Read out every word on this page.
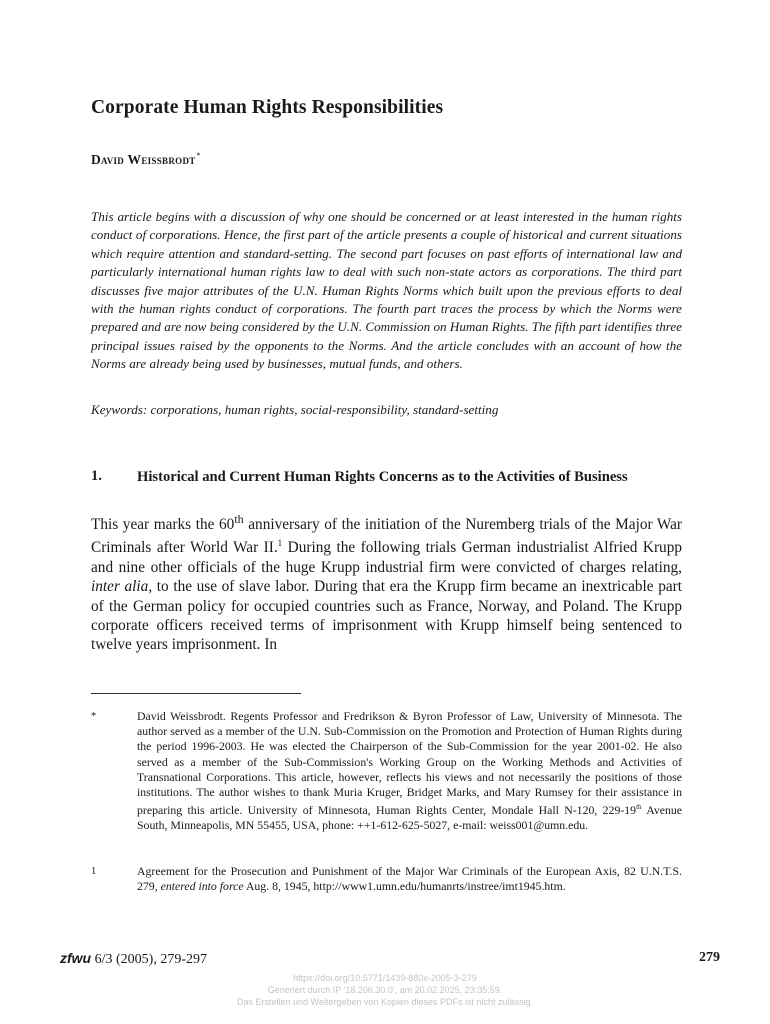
Corporate Human Rights Responsibilities
David Weissbrodt*
This article begins with a discussion of why one should be concerned or at least interested in the human rights conduct of corporations. Hence, the first part of the article presents a couple of historical and current situations which require attention and standard-setting. The second part focuses on past efforts of international law and particularly international human rights law to deal with such non-state actors as corporations. The third part discusses five major attributes of the U.N. Human Rights Norms which built upon the previous efforts to deal with the human rights conduct of corporations. The fourth part traces the process by which the Norms were prepared and are now being considered by the U.N. Commission on Human Rights. The fifth part identifies three principal issues raised by the opponents to the Norms. And the article concludes with an account of how the Norms are already being used by businesses, mutual funds, and others.
Keywords: corporations, human rights, social-responsibility, standard-setting
1. Historical and Current Human Rights Concerns as to the Activities of Business
This year marks the 60th anniversary of the initiation of the Nuremberg trials of the Major War Criminals after World War II.$^1$ During the following trials German industrialist Alfried Krupp and nine other officials of the huge Krupp industrial firm were convicted of charges relating, inter alia, to the use of slave labor. During that era the Krupp firm became an inextricable part of the German policy for occupied countries such as France, Norway, and Poland. The Krupp corporate officers received terms of imprisonment with Krupp himself being sentenced to twelve years imprisonment. In
*	David Weissbrodt. Regents Professor and Fredrikson & Byron Professor of Law, University of Minnesota. The author served as a member of the U.N. Sub-Commission on the Promotion and Protection of Human Rights during the period 1996-2003. He was elected the Chairperson of the Sub-Commission for the year 2001-02. He also served as a member of the Sub-Commission's Working Group on the Working Methods and Activities of Transnational Corporations. This article, however, reflects his views and not necessarily the positions of those institutions. The author wishes to thank Muria Kruger, Bridget Marks, and Mary Rumsey for their assistance in preparing this article. University of Minnesota, Human Rights Center, Mondale Hall N-120, 229-19th Avenue South, Minneapolis, MN 55455, USA, phone: ++1-612-625-5027, e-mail: weiss001@umn.edu.
1	Agreement for the Prosecution and Punishment of the Major War Criminals of the European Axis, 82 U.N.T.S. 279, entered into force Aug. 8, 1945, http://www1.umn.edu/humanrts/instree/imt1945.htm.
zfwu 6/3 (2005), 279-297	279
https://doi.org/10.5771/1439-880x-2005-3-279
Generiert durch IP '18.206.30.0', am 20.02.2025, 23:35:59.
Das Erstellen und Weitergeben von Kopien dieses PDFs ist nicht zulässig.
